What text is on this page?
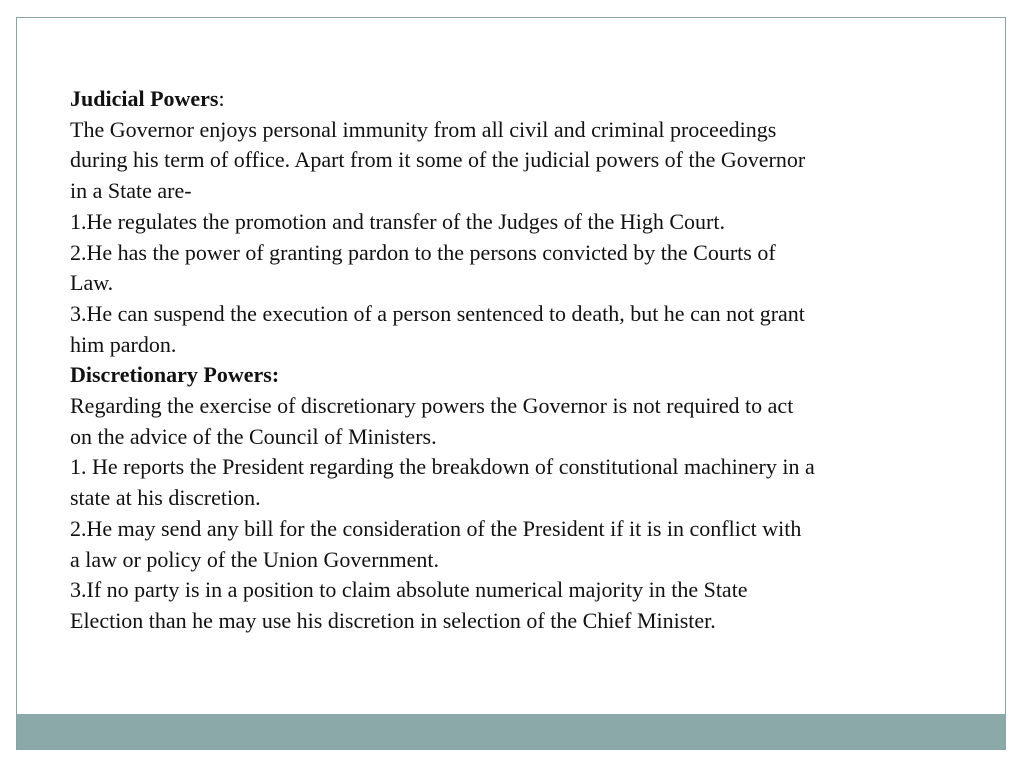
Judicial Powers:
The Governor enjoys personal immunity from all civil and criminal proceedings
during his term of office. Apart from it some of the judicial powers of the Governor
in a State are-
1.He regulates the promotion and transfer of the Judges of the High Court.
2.He has the power of granting pardon to the persons convicted by the Courts of
Law.
3.He can suspend the execution of a person sentenced to death, but he can not grant
him pardon.
Discretionary Powers:
Regarding the exercise of discretionary powers the Governor is not required to act
on the advice of the Council of Ministers.
1. He reports the President regarding the breakdown of constitutional machinery in a
state at his discretion.
2.He may send any bill for the consideration of the President if it is in conflict with
a law or policy of the Union Government.
3.If no party is in a position to claim absolute numerical majority in the State
Election than he may use his discretion in selection of the Chief Minister.
